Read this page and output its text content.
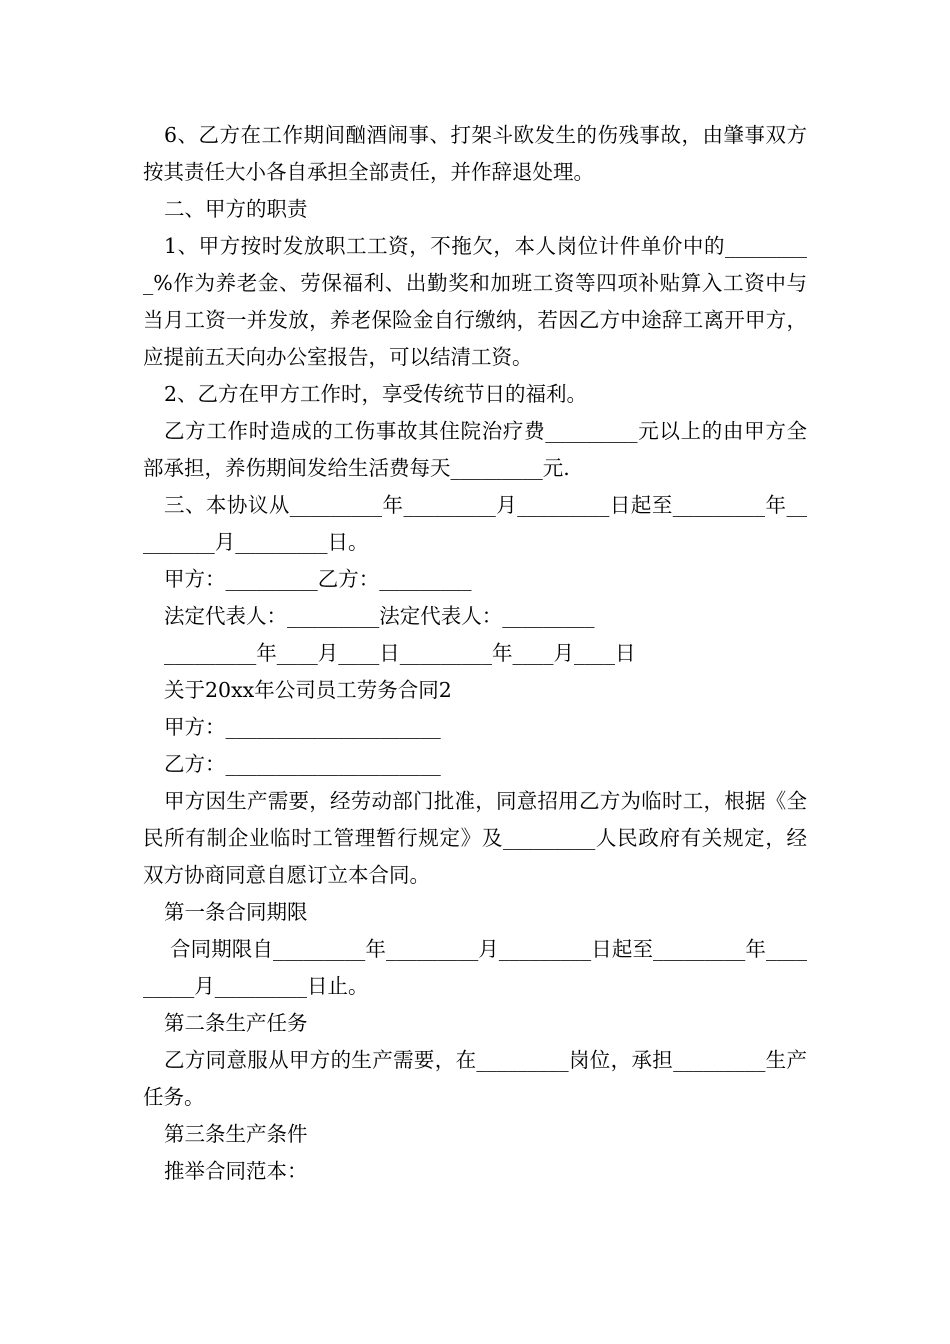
6、乙方在工作期间酗酒闹事、打架斗欧发生的伤残事故，由肇事双方按其责任大小各自承担全部责任，并作辞退处理。

二、甲方的职责

1、甲方按时发放职工工资，不拖欠，本人岗位计件单价中的_________%作为养老金、劳保福利、出勤奖和加班工资等四项补贴算入工资中与当月工资一并发放，养老保险金自行缴纳，若因乙方中途辞工离开甲方，应提前五天向办公室报告，可以结清工资。

2、乙方在甲方工作时，享受传统节日的福利。

乙方工作时造成的工伤事故其住院治疗费_________元以上的由甲方全部承担，养伤期间发给生活费每天_________元.

三、本协议从_________年_________月_________日起至_________年_________月_________日。

甲方：_________乙方：_________

法定代表人：_________法定代表人：_________

_________年____月____日_________年____月____日

关于20xx年公司员工劳务合同2

甲方：_____________________

乙方：_____________________

甲方因生产需要，经劳动部门批准，同意招用乙方为临时工，根据《全民所有制企业临时工管理暂行规定》及_________人民政府有关规定，经双方协商同意自愿订立本合同。

第一条合同期限

合同期限自_________年_________月_________日起至_________年_________月_________日止。

第二条生产任务

乙方同意服从甲方的生产需要，在_________岗位，承担_________生产任务。

第三条生产条件

推举合同范本：
